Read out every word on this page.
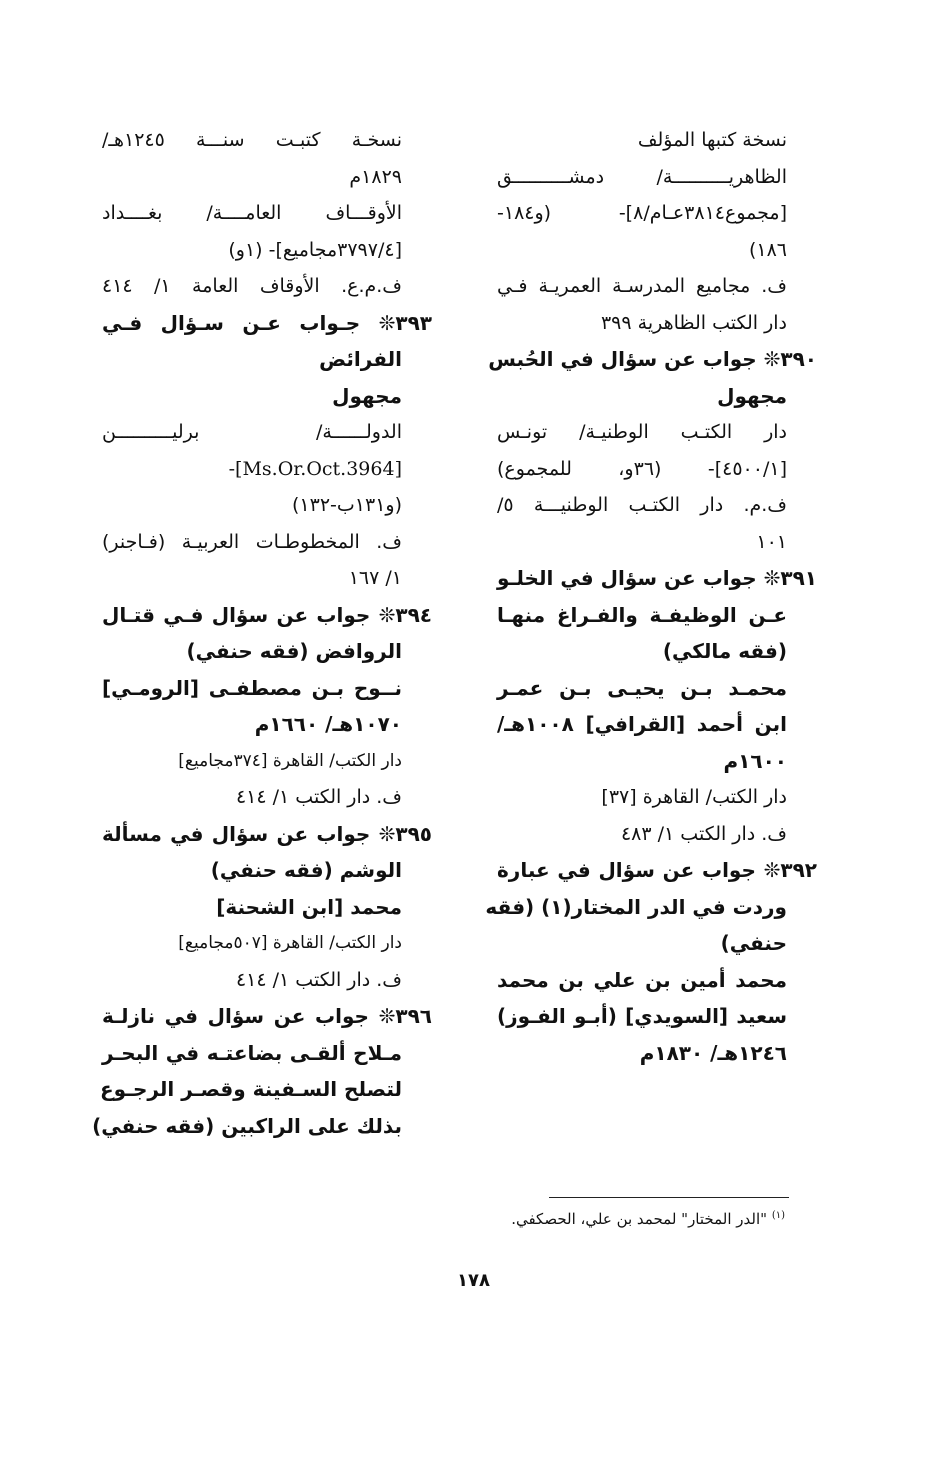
نسخة كتبها المؤلف
الظاهريــــــــــة/ دمشــــــــــق
[مجموع٣٨١٤عـام/٨]- (و١٨٤-
١٨٦)
ف. مجاميع المدرسـة العمريـة فـي
دار الكتب الظاهرية ٣٩٩
٣٩٠❊ جواب عن سؤال في الحُبس
مجهول
دار الكتـب الوطنيـة/ تونـس
[٤٥٠٠/١]- (٣٦و، للمجموع)
ف.م. دار الكتـب الوطنيـــة ٥/
١٠١
٣٩١❊ جواب عن سؤال في الخلـو
عـن الوظيفـة والفـراغ منهـا
(فقه مالكي)
محمـد بـن يحيـى بـن عمـر
ابن أحمد [القرافي] ١٠٠٨هـ/
١٦٠٠م
دار الكتب/ القاهرة [٣٧]
ف. دار الكتب ١/ ٤٨٣
٣٩٢❊ جواب عن سؤال في عبارة
وردت في الدر المختار(١) (فقه
حنفي)
محمد أمين بن علي بن محمد
سعيد [السويدي] (أبـو الفـوز)
١٢٤٦هـ/ ١٨٣٠م
نسخـة كتبـت سنـــة ١٢٤٥هـ/
١٨٢٩م
الأوقـــاف العامــــة/ بغــــداد
[٣٧٩٧/٤مجاميع]- (١و)
ف.م.ع. الأوقاف العامة ١/ ٤١٤
٣٩٣❊ جـواب عـن سـؤال فـي
الفرائض
مجهول
الدولــــــة/ برليــــــــــن
[Ms.Or.Oct.3964]-
(و١٣١ب-١٣٢)
ف. المخطوطـات العربيـة (فـاجنر)
١/ ١٦٧
٣٩٤❊ جواب عن سؤال فـي قتـال
الروافض (فقه حنفي)
نــوح بـن مصطفـى [الرومـي]
١٠٧٠هـ/ ١٦٦٠م
دار الكتب/ القاهرة [٣٧٤مجاميع]
ف. دار الكتب ١/ ٤١٤
٣٩٥❊ جواب عن سؤال في مسألة
الوشم (فقه حنفي)
محمد [ابن الشحنة]
دار الكتب/ القاهرة [٥٠٧مجاميع]
ف. دار الكتب ١/ ٤١٤
٣٩٦❊ جواب عن سؤال في نازلـة
مـلاح ألقـى بضاعتـه في البحـر
لتصلح السـفينة وقصـر الرجـوع
بذلك على الراكبين (فقه حنفي)
$^{(١)}$ "الدر المختار" لمحمد بن علي، الحصكفي.
١٧٨
